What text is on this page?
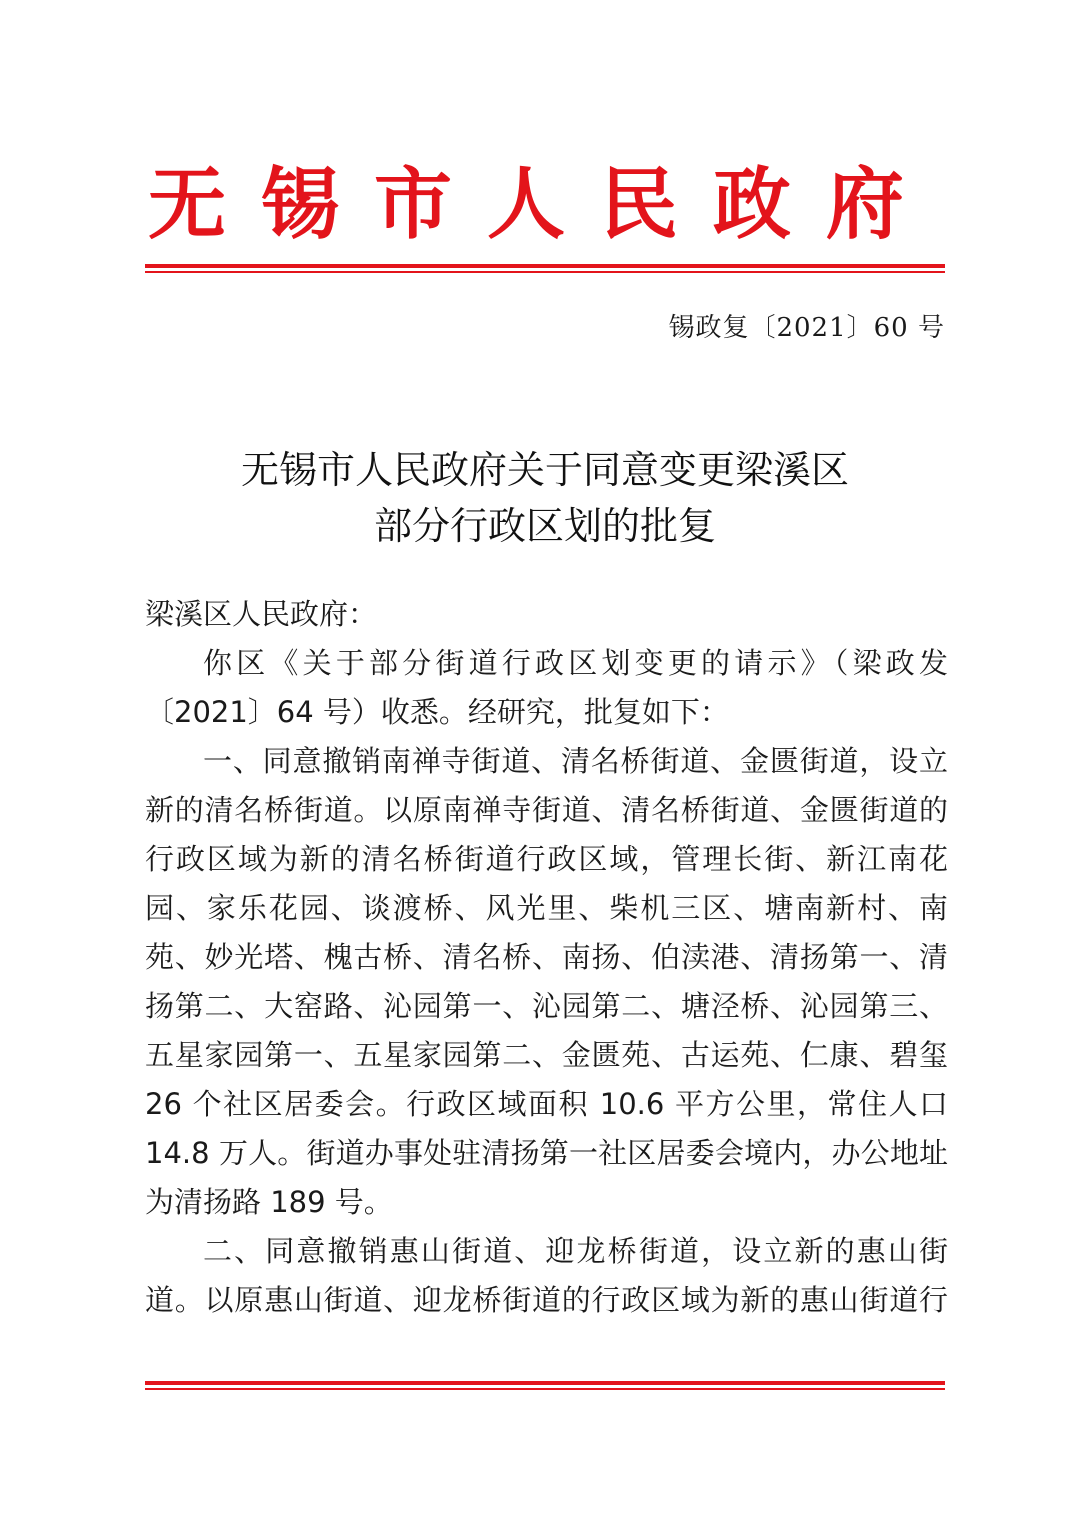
无 锡 市 人 民 政 府
锡政复〔2021〕60 号
无锡市人民政府关于同意变更梁溪区
部分行政区划的批复

梁溪区人民政府：

你区《关于部分街道行政区划变更的请示》（梁政发〔2021〕64 号）收悉。经研究，批复如下：

一、同意撤销南禅寺街道、清名桥街道、金匮街道，设立新的清名桥街道。以原南禅寺街道、清名桥街道、金匮街道的行政区域为新的清名桥街道行政区域，管理长街、新江南花园、家乐花园、谈渡桥、风光里、柴机三区、塘南新村、南苑、妙光塔、槐古桥、清名桥、南扬、伯渎港、清扬第一、清扬第二、大窑路、沁园第一、沁园第二、塘泾桥、沁园第三、五星家园第一、五星家园第二、金匮苑、古运苑、仁康、碧玺 26 个社区居委会。行政区域面积 10.6 平方公里，常住人口14.8 万人。街道办事处驻清扬第一社区居委会境内，办公地址为清扬路 189 号。

二、同意撤销惠山街道、迎龙桥街道，设立新的惠山街道。以原惠山街道、迎龙桥街道的行政区域为新的惠山街道行
